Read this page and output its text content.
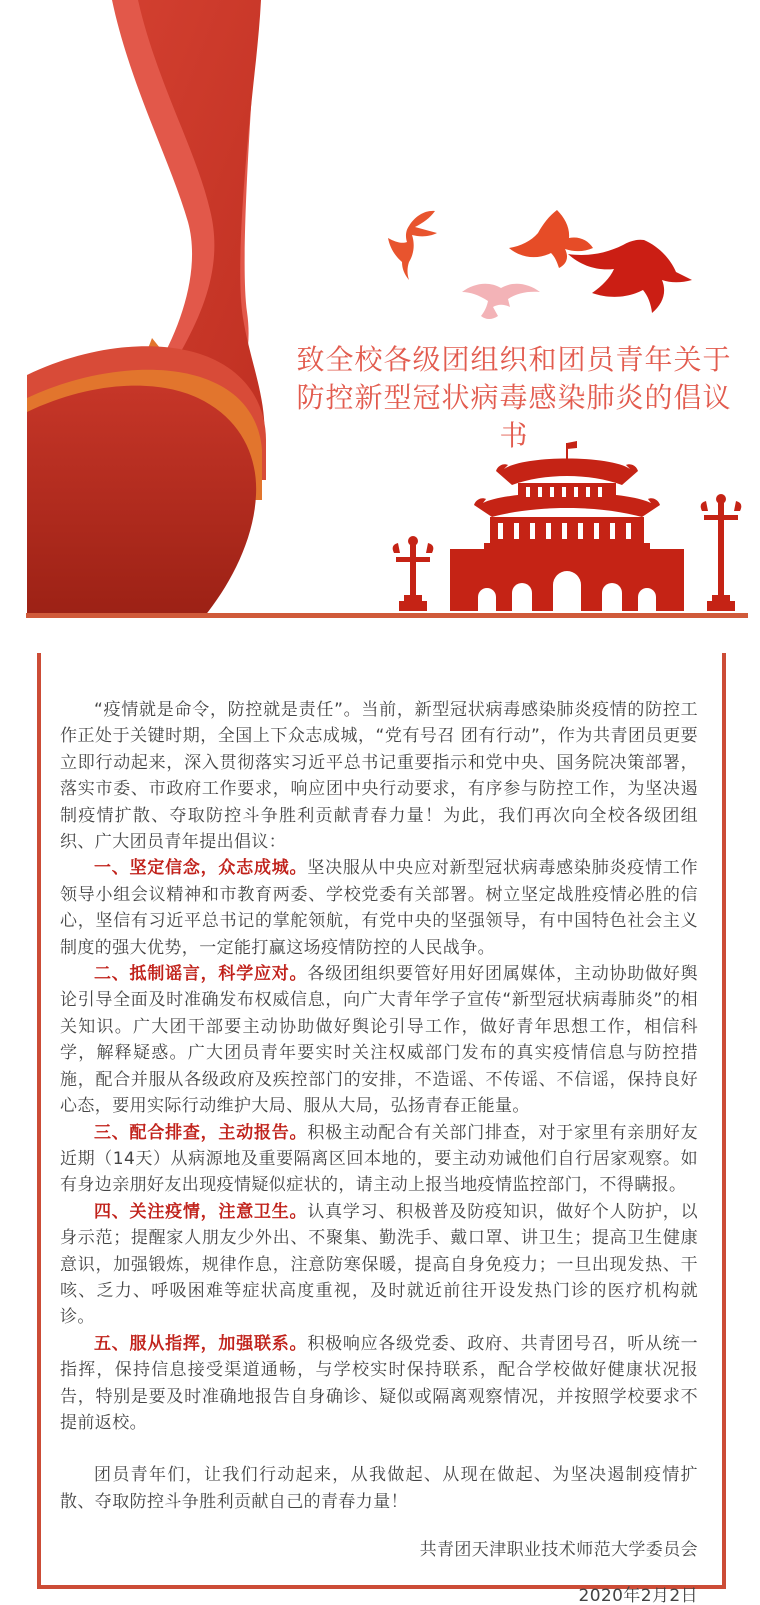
致全校各级团组织和团员青年关于防控新型冠状病毒感染肺炎的倡议书

“疫情就是命令，防控就是责任”。当前，新型冠状病毒感染肺炎疫情的防控工作正处于关键时期，全国上下众志成城，“党有号召 团有行动”，作为共青团员更要立即行动起来，深入贯彻落实习近平总书记重要指示和党中央、国务院决策部署，落实市委、市政府工作要求，响应团中央行动要求，有序参与防控工作，为坚决遏制疫情扩散、夺取防控斗争胜利贡献青春力量！为此，我们再次向全校各级团组织、广大团员青年提出倡议：

一、坚定信念，众志成城。坚决服从中央应对新型冠状病毒感染肺炎疫情工作领导小组会议精神和市教育两委、学校党委有关部署。树立坚定战胜疫情必胜的信心，坚信有习近平总书记的掌舵领航，有党中央的坚强领导，有中国特色社会主义制度的强大优势，一定能打赢这场疫情防控的人民战争。

二、抵制谣言，科学应对。各级团组织要管好用好团属媒体，主动协助做好舆论引导全面及时准确发布权威信息，向广大青年学子宣传“新型冠状病毒肺炎”的相关知识。广大团干部要主动协助做好舆论引导工作，做好青年思想工作，相信科学，解释疑惑。广大团员青年要实时关注权威部门发布的真实疫情信息与防控措施，配合并服从各级政府及疾控部门的安排，不造谣、不传谣、不信谣，保持良好心态，要用实际行动维护大局、服从大局，弘扬青春正能量。

三、配合排查，主动报告。积极主动配合有关部门排查，对于家里有亲朋好友近期（14天）从病源地及重要隔离区回本地的，要主动劝诫他们自行居家观察。如有身边亲朋好友出现疫情疑似症状的，请主动上报当地疫情监控部门，不得瞒报。

四、关注疫情，注意卫生。认真学习、积极普及防疫知识，做好个人防护，以身示范；提醒家人朋友少外出、不聚集、勤洗手、戴口罩、讲卫生；提高卫生健康意识，加强锻炼，规律作息，注意防寒保暖，提高自身免疫力；一旦出现发热、干咳、乏力、呼吸困难等症状高度重视，及时就近前往开设发热门诊的医疗机构就诊。

五、服从指挥，加强联系。积极响应各级党委、政府、共青团号召，听从统一指挥，保持信息接受渠道通畅，与学校实时保持联系，配合学校做好健康状况报告，特别是要及时准确地报告自身确诊、疑似或隔离观察情况，并按照学校要求不提前返校。

团员青年们，让我们行动起来，从我做起、从现在做起、为坚决遏制疫情扩散、夺取防控斗争胜利贡献自己的青春力量！

共青团天津职业技术师范大学委员会
2020年2月2日
